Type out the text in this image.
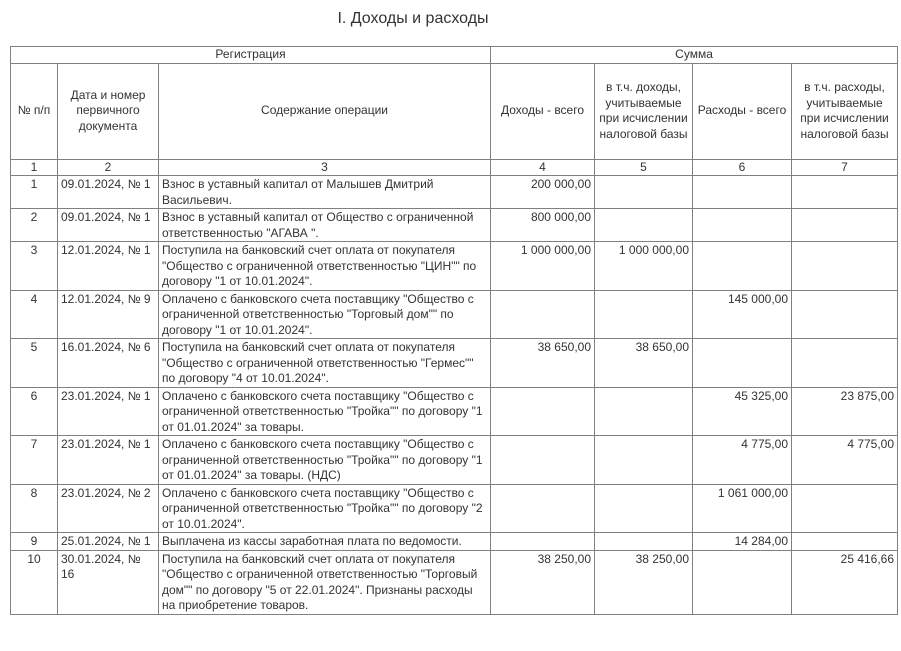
I. Доходы и расходы
Регистрация			Сумма			
№ п/п	Дата и номер первичного документа	Содержание операции	Доходы - всего	в т.ч. доходы, учитываемые при исчислении налоговой базы	Расходы - всего	в т.ч. расходы, учитываемые при исчислении налоговой базы
1	2	3	4	5	6	7
1	09.01.2024, № 1	Взнос в уставный капитал от Малышев Дмитрий Васильевич.	200 000,00			
2	09.01.2024, № 1	Взнос в уставный капитал от Общество с ограниченной ответственностью "АГАВА ".	800 000,00			
3	12.01.2024, № 1	Поступила на банковский счет оплата от покупателя "Общество с ограниченной ответственностью "ЦИН"" по договору "1 от 10.01.2024".	1 000 000,00	1 000 000,00		
4	12.01.2024, № 9	Оплачено с банковского счета поставщику "Общество с ограниченной ответственностью "Торговый дом"" по договору "1 от 10.01.2024".			145 000,00	
5	16.01.2024, № 6	Поступила на банковский счет оплата от покупателя "Общество с ограниченной ответственностью "Гермес"" по договору "4 от 10.01.2024".	38 650,00	38 650,00		
6	23.01.2024, № 1	Оплачено с банковского счета поставщику "Общество с ограниченной ответственностью "Тройка"" по договору "1 от 01.01.2024" за товары.			45 325,00	23 875,00
7	23.01.2024, № 1	Оплачено с банковского счета поставщику "Общество с ограниченной ответственностью "Тройка"" по договору "1 от 01.01.2024" за товары. (НДС)			4 775,00	4 775,00
8	23.01.2024, № 2	Оплачено с банковского счета поставщику "Общество с ограниченной ответственностью "Тройка"" по договору "2 от 10.01.2024".			1 061 000,00	
9	25.01.2024, № 1	Выплачена из кассы заработная плата по ведомости.			14 284,00	
10	30.01.2024, № 16	Поступила на банковский счет оплата от покупателя "Общество с ограниченной ответственностью "Торговый дом"" по договору "5 от 22.01.2024". Признаны расходы на приобретение товаров.	38 250,00	38 250,00		25 416,66
